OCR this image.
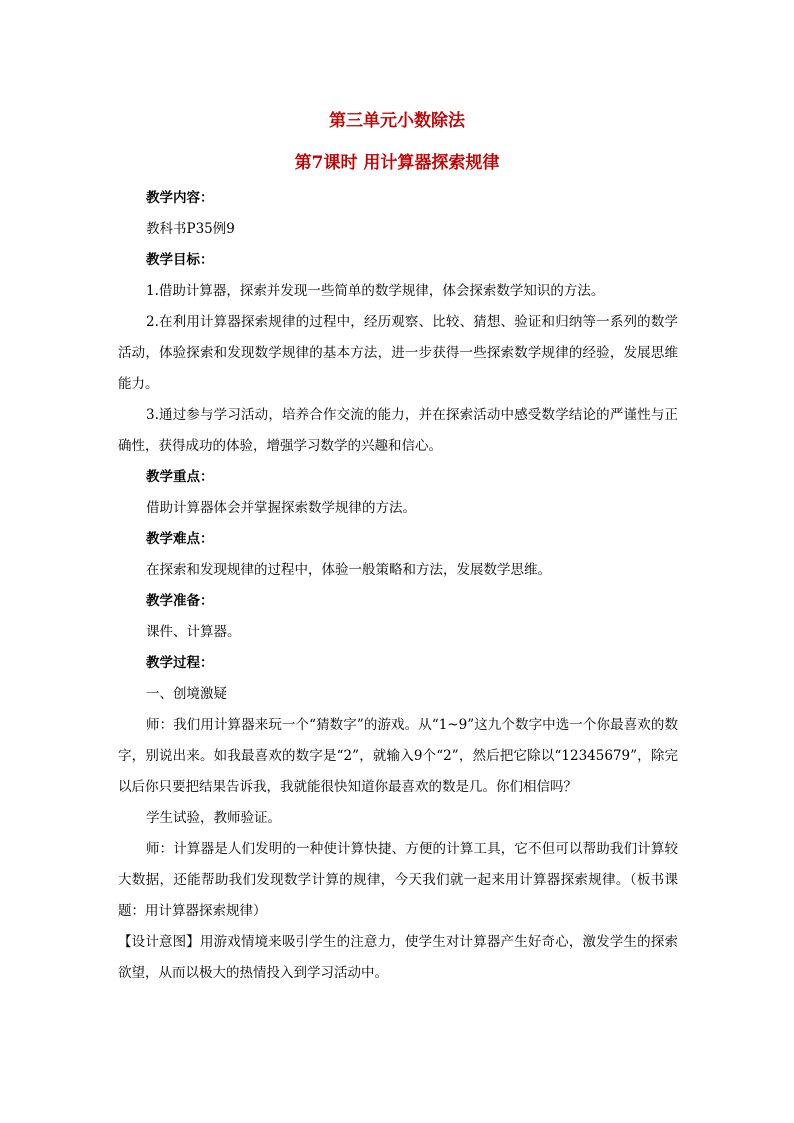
第三单元小数除法
第7课时 用计算器探索规律

教学内容：

教科书P35例9

教学目标：

1.借助计算器，探索并发现一些简单的数学规律，体会探索数学知识的方法。

2.在利用计算器探索规律的过程中，经历观察、比较、猜想、验证和归纳等一系列的数学活动，体验探索和发现数学规律的基本方法，进一步获得一些探索数学规律的经验，发展思维能力。

3.通过参与学习活动，培养合作交流的能力，并在探索活动中感受数学结论的严谨性与正确性，获得成功的体验，增强学习数学的兴趣和信心。

教学重点：

借助计算器体会并掌握探索数学规律的方法。

教学难点：

在探索和发现规律的过程中，体验一般策略和方法，发展数学思维。

教学准备：

课件、计算器。

教学过程：

一、创境激疑

师：我们用计算器来玩一个“猜数字”的游戏。从“1~9”这九个数字中选一个你最喜欢的数字，别说出来。如我最喜欢的数字是“2”，就输入9个“2”，然后把它除以“12345679”，除完以后你只要把结果告诉我，我就能很快知道你最喜欢的数是几。你们相信吗？

学生试验，教师验证。

师：计算器是人们发明的一种使计算快捷、方便的计算工具，它不但可以帮助我们计算较大数据，还能帮助我们发现数学计算的规律，今天我们就一起来用计算器探索规律。（板书课题：用计算器探索规律）

【设计意图】用游戏情境来吸引学生的注意力，使学生对计算器产生好奇心，激发学生的探索欲望，从而以极大的热情投入到学习活动中。
